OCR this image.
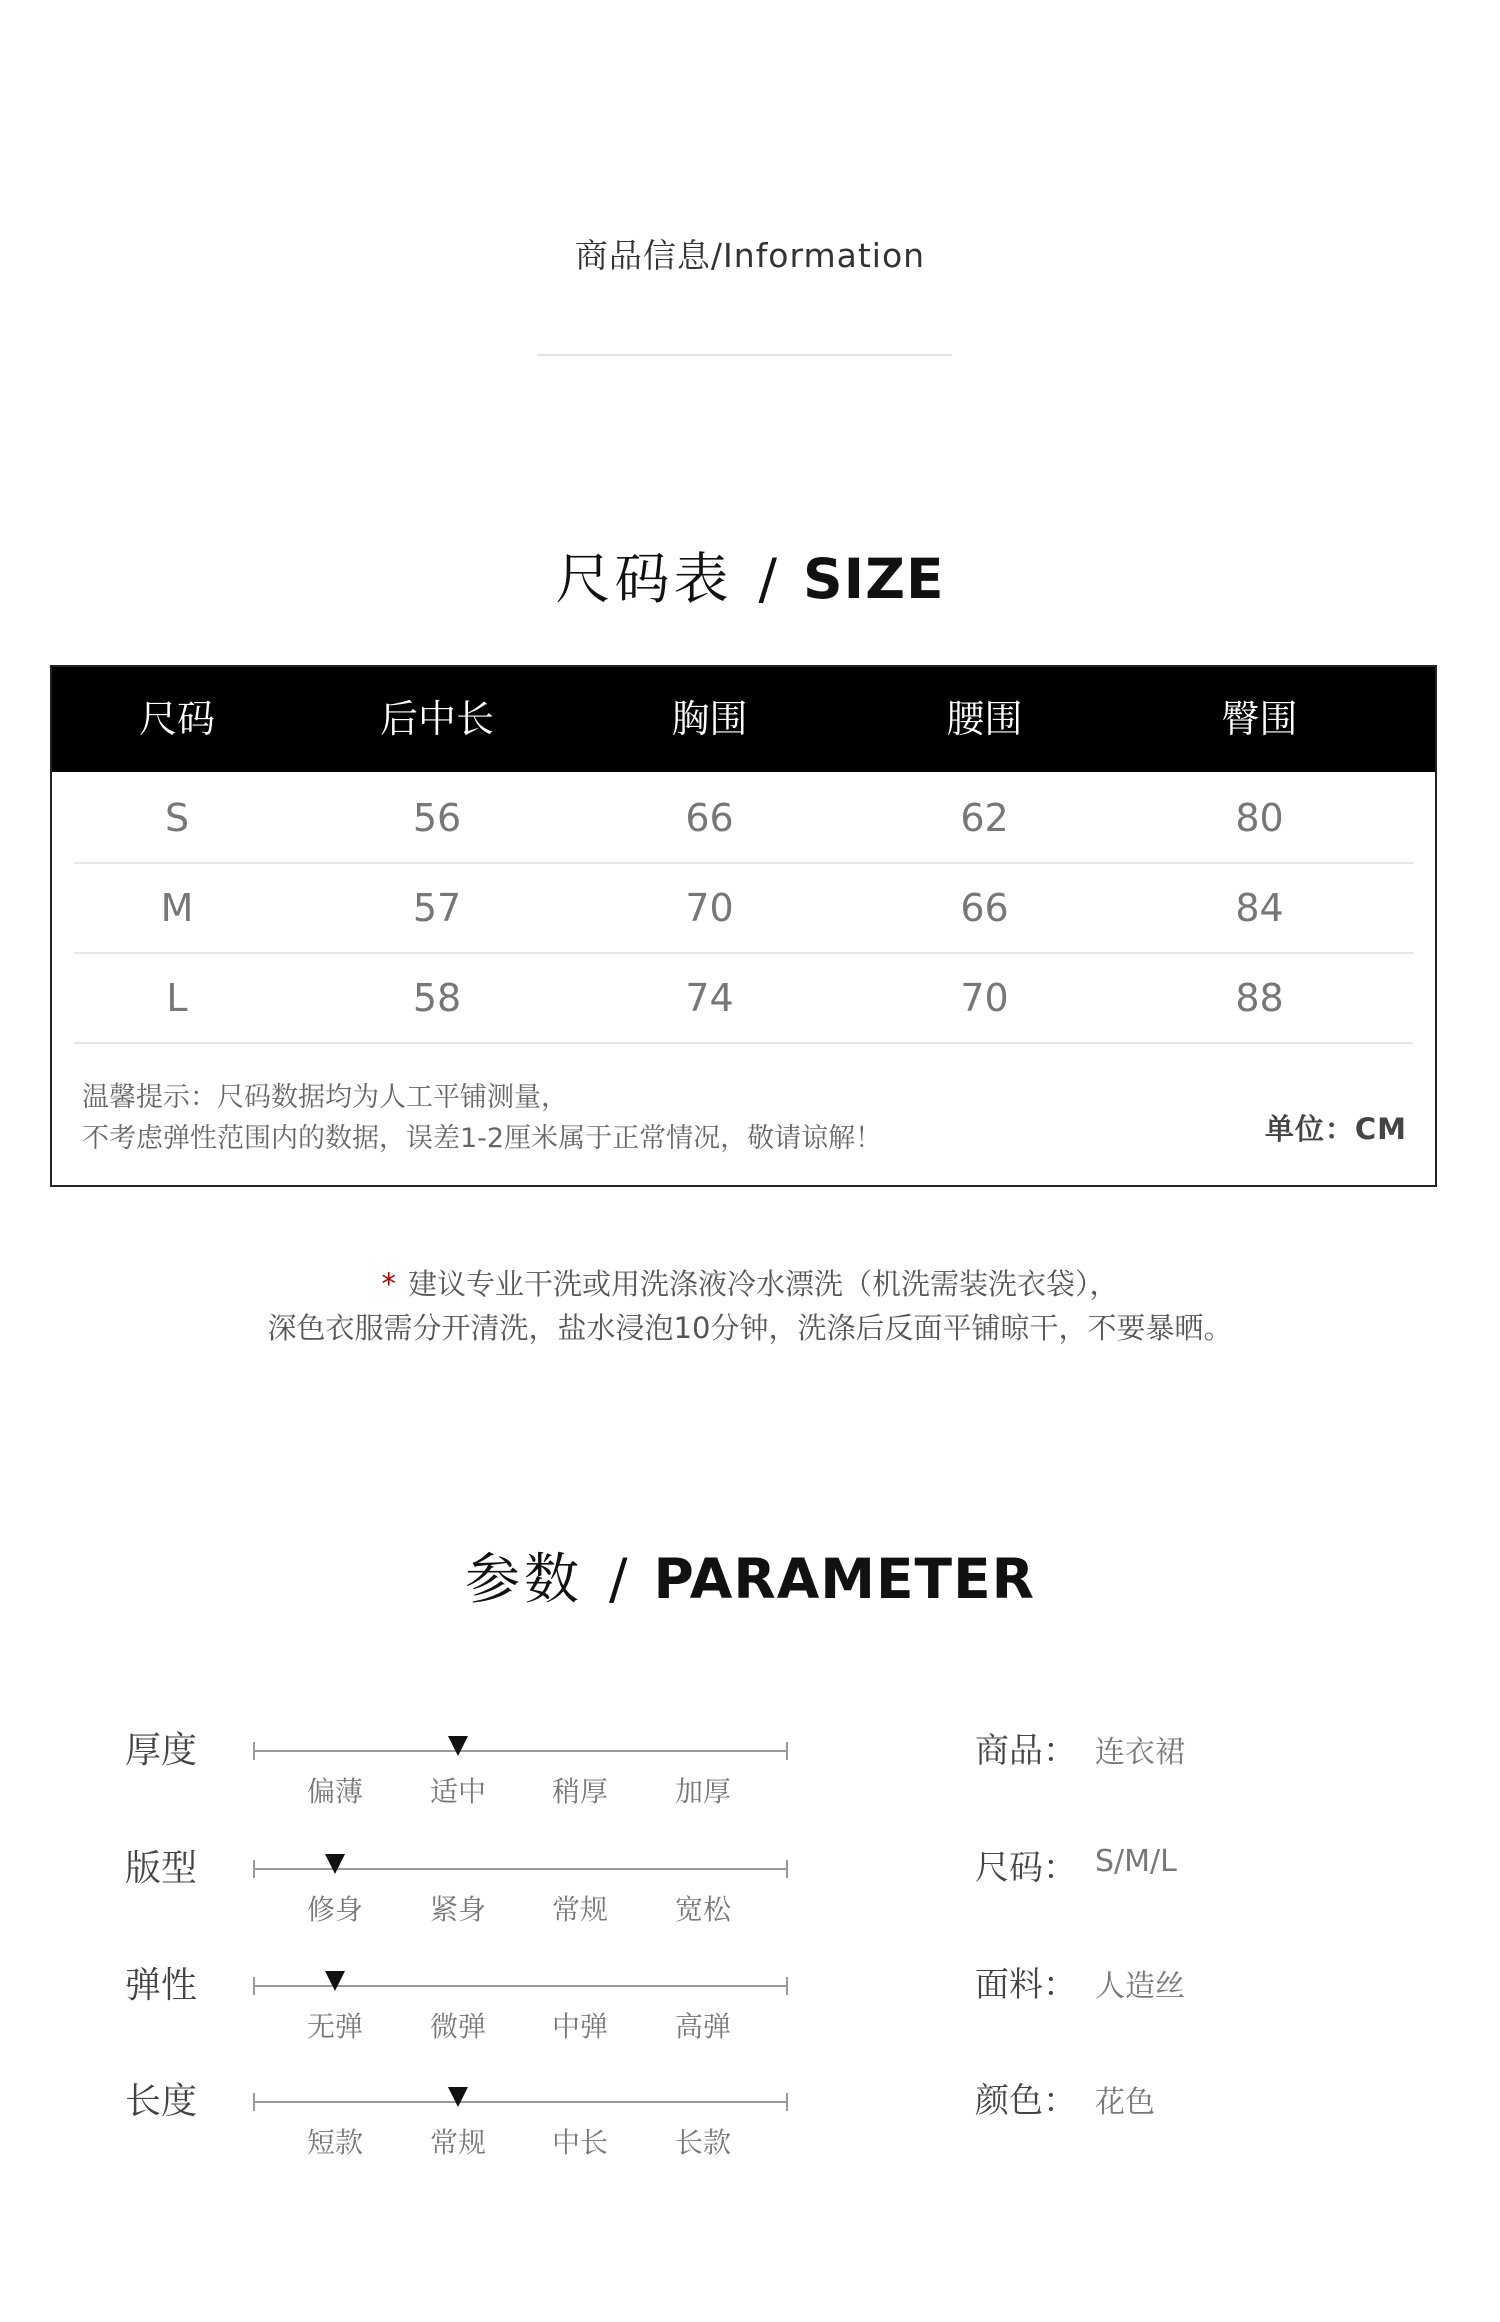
商品信息/Information
尺码表 / SIZE
尺码	后中长	胸围	腰围	臀围
S	56	66	62	80
M	57	70	66	84
L	58	74	70	88
温馨提示：尺码数据均为人工平铺测量，
不考虑弹性范围内的数据，误差1-2厘米属于正常情况，敬请谅解！	单位：CM
* 建议专业干洗或用洗涤液冷水漂洗（机洗需装洗衣袋），
深色衣服需分开清洗，盐水浸泡10分钟，洗涤后反面平铺晾干，不要暴晒。
参数 / PARAMETER
厚度
偏薄	适中	稍厚	加厚
版型
修身	紧身	常规	宽松
弹性
无弹	微弹	中弹	高弹
长度
短款	常规	中长	长款
商品： 连衣裙
尺码： S/M/L
面料： 人造丝
颜色： 花色
